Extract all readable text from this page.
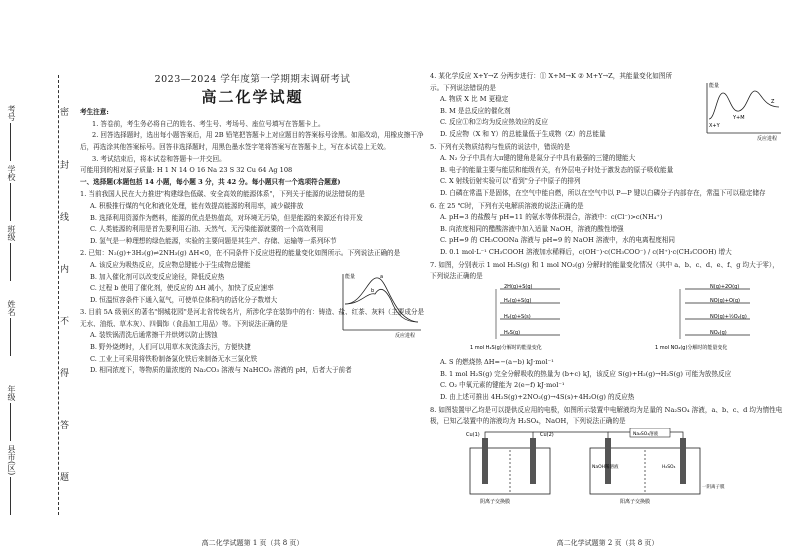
考号
学校
班级
姓名
年级
县市(区)
密
封
线
内
不
得
答
题
2023—2024 学年度第一学期期末调研考试
高二化学试题
考生注意:
1. 答卷前，考生务必将自己的姓名、考生号、考场号、座位号填写在答题卡上。
2. 回答选择题时，选出每小题答案后，用 2B 铅笔把答题卡上对应题目的答案标号涂黑。如需改动，用橡皮擦干净后，再选涂其他答案标号。回答非选择题时，用黑色墨水签字笔将答案写在答题卡上，写在本试卷上无效。
3. 考试结束后，将本试卷和答题卡一并交回。
可能用到的相对原子质量: H 1 N 14 O 16 Na 23 S 32 Cu 64 Ag 108
一、选择题(本题包括 14 小题，每小题 3 分，共 42 分。每小题只有一个选项符合题意)
1. 当前我国人民在大力推进"构建绿色低碳、安全高效的能源体系"，下列关于能源的说法错误的是
A. 积极推行煤的气化和液化处理，能有效提高能源的利用率，减少碳排放
B. 选择利用资源作为燃料，能源的优点是热值高，对环境无污染，但是能源的来源还有待开发
C. 人类能源的利用是首先要利用石油、天然气、无污染能源就要的一个高效利用
D. 氢气是一种理想的绿色能源，实验的主要问题是其生产、存储、运输等一系列环节
2. 已知：N₂(g)+3H₂(g)⇌2NH₃(g) ΔH<0，在不同条件下反应进程的能量变化如图所示。下列说法正确的是
A. 该反应为吸热反应，反应物总键能小于生成物总键能
B. 加入催化剂可以改变反应途径，降低反应热
C. 过程 b 使用了催化剂，使反应的 ΔH 减小，加快了反应速率
D. 恒温恒容条件下通入氦气，可使单位体积内的活化分子数增大
能量
反应进程
a
b
3. 目前 5A 级景区的著名"钢城花园"是河北省传统名片，所涉化学在装饰中的有：铸造、盐、红茶、灰料（主要成分是无水、油纸、草木灰）、四偶饰（食品加工用品）等。下列说法正确的是
A. 装铁锅清洗后通常擦干并烘烤以防止锈蚀
B. 野外烧烤时，人们可以用草木灰洗涤去污，方便快捷
C. 工业上可采用将铁粉制备氯化铁后来制备无水三氯化铁
D. 相同浓度下，等物质的量浓度的 Na₂CO₃ 溶液与 NaHCO₃ 溶液的 pH，后者大于前者
高二化学试题第 1 页（共 8 页）
4. 某化学反应 X+Y→Z 分两步进行：① X+M→K ② M+Y→Z，其能量变化如图所示。下列说法错误的是
A. 物质 X 比 M 更稳定
B. M 是总反应的催化剂
C. 反应①和②均为反应热效应的反应
D. 反应物（X 和 Y）的总能量低于生成物（Z）的总能量
能量
反应进程
X+Y
Y+M
Z
5. 下列有关物质结构与性质的说法中，错误的是
A. N₂ 分子中具有大π键的键角是氮分子中具有最强的三键的键能大
B. 电子的能量主要与能层和能级有关，有外层电子时处于激发态的原子吸收能量
C. X 射线衍射实验可以"看到"分子中原子的排列
D. 白磷在常温下是固体，在空气中能自燃，所以在空气中以 P—P 键以白磷分子内部存在，常温下可以稳定储存
6. 在 25 ℃时，下列有关电解质溶液的说法正确的是
A. pH=3 的盐酸与 pH=11 的氨水等体积混合，溶液中：c(Cl⁻)>c(NH₄⁺)
B. 向浓度相同的醋酸溶液中加入适量 NaOH，溶液的酸性增强
C. pH=9 的 CH₃COONa 溶液与 pH=9 的 NaOH 溶液中，水的电离程度相同
D. 0.1 mol·L⁻¹ CH₃COOH 溶液加水稀释后，c(OH⁻)·c(CH₃COO⁻) / c(H⁺)·c(CH₃COOH) 增大
7. 如图，分别表示 1 mol H₂S(g) 和 1 mol NO₂(g) 分解时的能量变化情况（其中 a、b、c、d、e、f、g 均大于零），下列说法正确的是
2H(g)+S(g)
H₂(g)+S(g)
H₂(g)+S(s)
H₂S(g)
1 mol H₂S(g)分解时的能量变化
N(g)+2O(g)
NO(g)+O(g)
NO(g)+½O₂(g)
NO₂(g)
1 mol NO₂(g)分解时的能量变化
A. S 的燃烧热 ΔH=−(a−b) kJ·mol⁻¹
B. 1 mol H₂S(g) 完全分解吸收的热量为 (b+c) kJ，该反应 S(g)+H₂(g)→H₂S(g) 可能为放热反应
C. O₂ 中氧元素的键能为 2(e−f) kJ·mol⁻¹
D. 由上述可推出 4H₂S(g)+2NO₂(g)→4S(s)+4H₂O(g) 的反应热
8. 如图装置甲乙均是可以提供反应用的电极，如图所示装置中电解液均为足量的 Na₂SO₄ 溶液，a、b、c、d 均为惰性电极，已知乙装置中的溶液均为 H₂SO₄，NaOH，下列说法正确的是
Cu(1)	Cu(2)	Na₂SO₄溶液
NaOH稀溶液	H₂SO₄
一阴离子膜
阴离子交换膜	阳离子交换膜
高二化学试题第 2 页（共 8 页）
